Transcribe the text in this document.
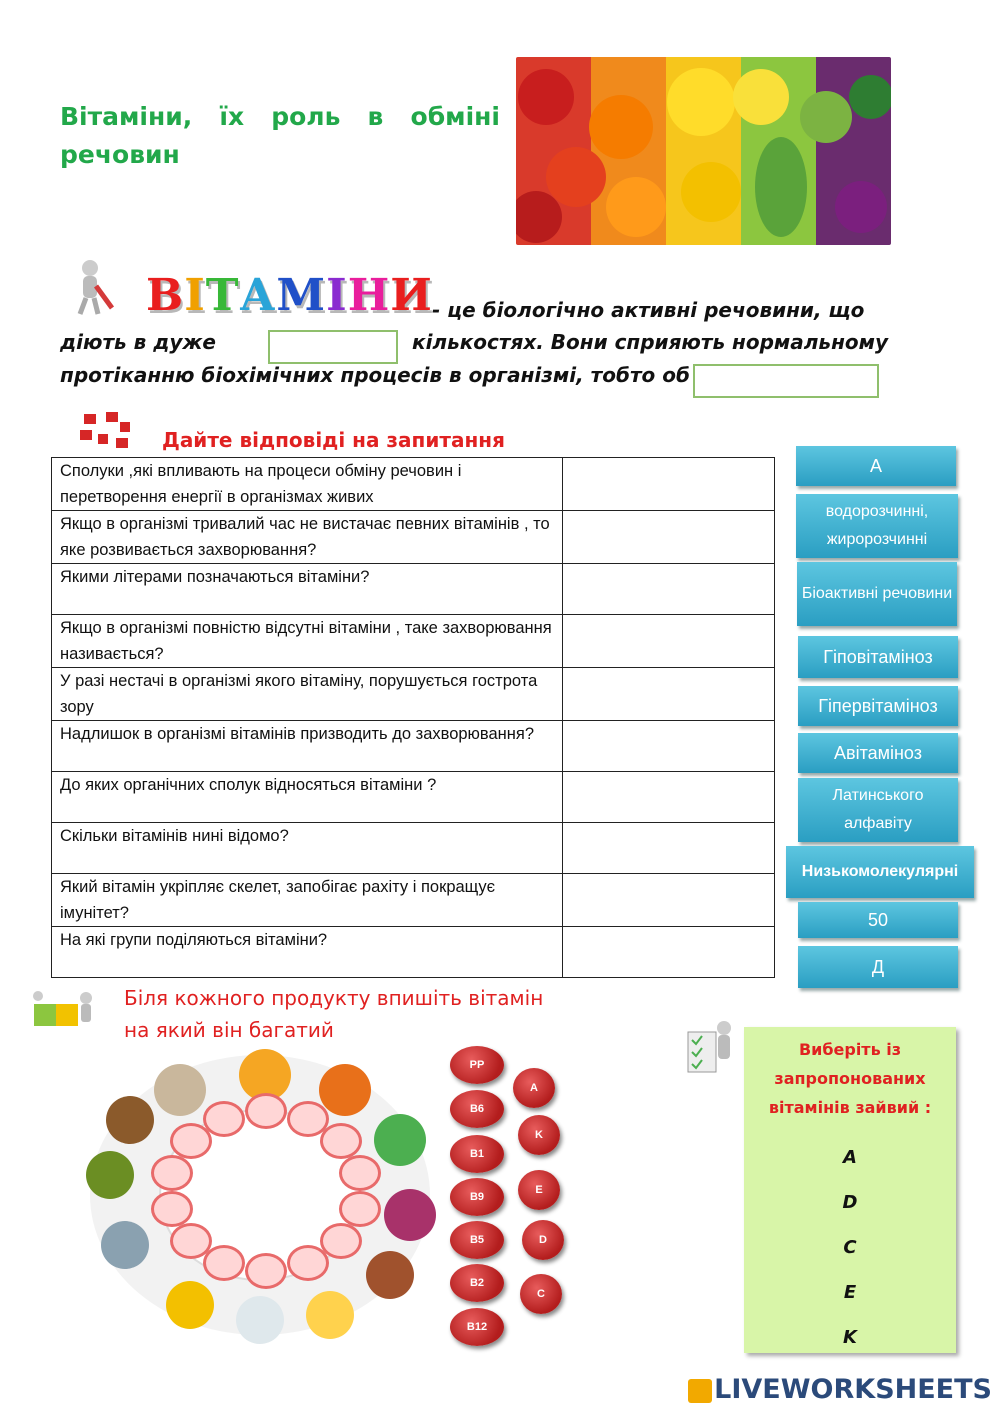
Вітаміни, їх роль в обміні речовин
ВІТАМІНИ - це біологічно активні речовини, що
діють в дуже	кількостях. Вони сприяють нормальному
протіканню біохімічних процесів в організмі, тобто об
Дайте відповіді на запитання
Сполуки ,які впливають на процеси обміну речовин і перетворення енергії в організмах живих	
Якщо в організмі тривалий час не вистачає певних вітамінів , то яке розвивається захворювання?	
Якими літерами позначаються вітаміни?	
Якщо в організмі повністю відсутні вітаміни , таке захворювання називається?	
У разі нестачі в організмі якого вітаміну, порушується гострота зору	
Надлишок в організмі вітамінів призводить до захворювання?	
До яких органічних сполук відносяться вітаміни ?	
Скільки вітамінів нині відомо?	
Який вітамін укріпляє скелет, запобігає рахіту і покращує імунітет?	
На які групи поділяються вітаміни?	
А
водорозчинні, жиророзчинні
Біоактивні речовини
Гіповітаміноз
Гіпервітаміноз
Авітаміноз
Латинського алфавіту
Низькомолекулярні
50
Д
Біля кожного продукту впишіть вітамін
на який він багатий
PP
B6
B1
B9
B5
B2
B12
A
K
E
D
C
Виберіть із запропонованих вітамінів зайвий :
A
D
C
E
K
LIVEWORKSHEETS
